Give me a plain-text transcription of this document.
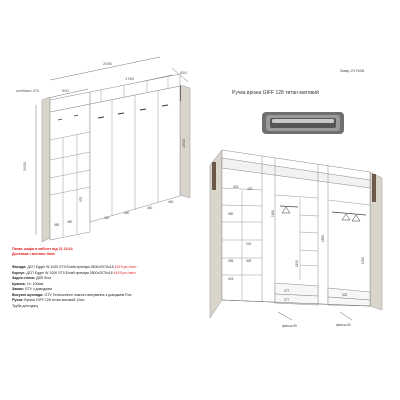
2050
1780
900
550
слебина 270
2630
1900
450
450
440
440
440
440
970
Ручка врізна GIFF 128 титан матовий
Замр 217406
403	423
1190
1900
550
243
355	400
403
277
277
322
1320
1820
фальш 50	фальш 50
Папки шафи в кабінет від 21.10.24
Доставка і монтаж: Київ
Фасади: ДСП Egger W 1000 ST9 Білий преміум 2800х2070х18 4197грн./лист
Корпус: ДСП Egger W 1000 ST9 Білий преміум 2800х2070х18 4197грн./лист
Задня стінка: ДВП біла
Цоколь: H= 100мм
Замки: GTV з доводжем
Висувні шухляди: GTV Телескопічні повного висування з доводжем Rux
Ручки: Врізна GIFF 128 титан матовий 12шт.
Труба для одягу
